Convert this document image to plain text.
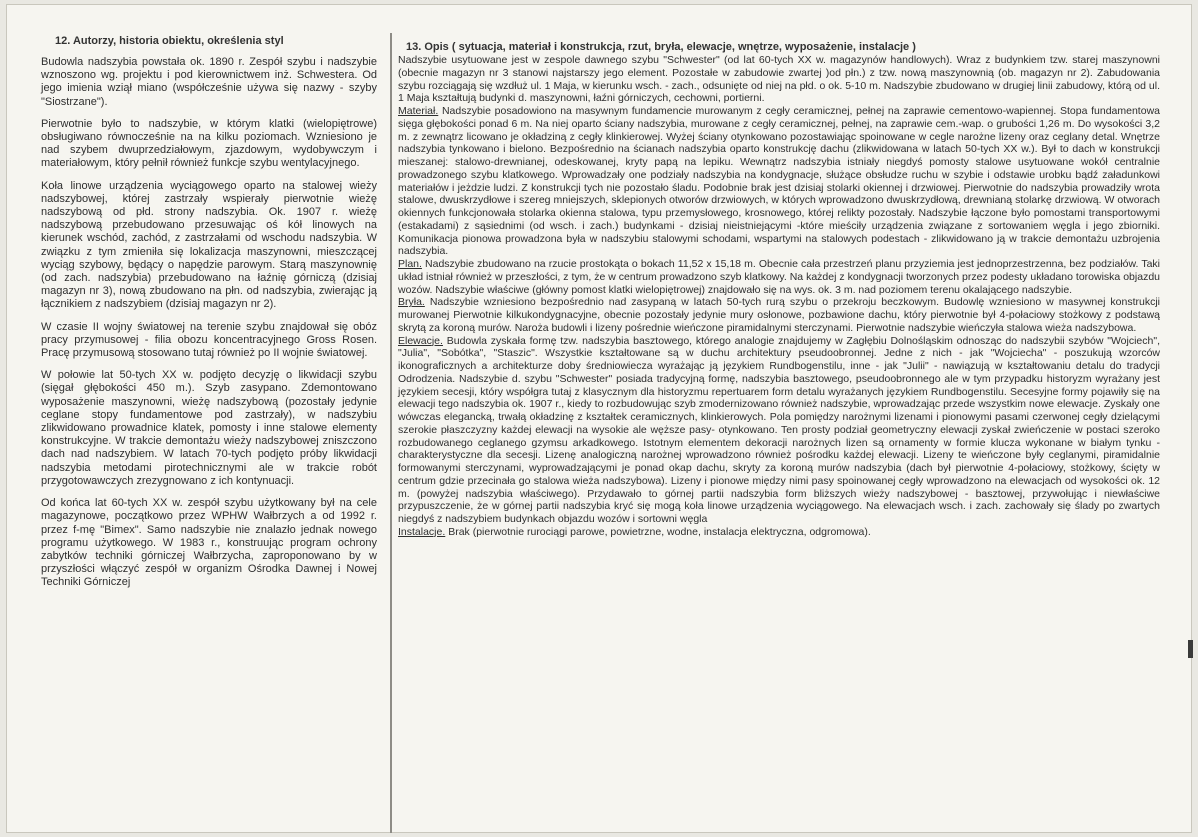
12. Autorzy, historia obiektu, określenia styl

Budowla nadszybia powstała ok. 1890 r. Zespół szybu i nadszybie wznoszono wg. projektu i pod kierownictwem inż. Schwestera. Od jego imienia wziął miano (współcześnie używa się nazwy - szyby "Siostrzane").

Pierwotnie było to nadszybie, w którym klatki (wielopiętrowe) obsługiwano równocześnie na na kilku poziomach. Wzniesiono je nad szybem dwuprzedziałowym, zjazdowym, wydobywczym i materiałowym, który pełnił również funkcje szybu wentylacyjnego.

Koła linowe urządzenia wyciągowego oparto na stalowej wieży nadszybowej, której zastrzały wspierały pierwotnie wieżę nadszybową od płd. strony nadszybia. Ok. 1907 r. wieżę nadszybową przebudowano przesuwając oś kół linowych na kierunek wschód, zachód, z zastrzałami od wschodu nadszybia. W związku z tym zmieniła się lokalizacja maszynowni, mieszczącej wyciąg szybowy, będący o napędzie parowym. Starą maszynownię (od zach. nadszybia) przebudowano na łaźnię górniczą (dzisiaj magazyn nr 3), nową zbudowano na płn. od nadszybia, zwierając ją łącznikiem z nadszybiem (dzisiaj magazyn nr 2).

W czasie II wojny światowej na terenie szybu znajdował się obóz pracy przymusowej - filia obozu koncentracyjnego Gross Rosen. Pracę przymusową stosowano tutaj również po II wojnie światowej.

W połowie lat 50-tych XX w. podjęto decyzję o likwidacji szybu (sięgał głębokości 450 m.). Szyb zasypano. Zdemontowano wyposażenie maszynowni, wieżę nadszybową (pozostały jedynie ceglane stopy fundamentowe pod zastrzały), w nadszybiu zlikwidowano prowadnice klatek, pomosty i inne stalowe elementy konstrukcyjne. W trakcie demontażu wieży nadszybowej zniszczono dach nad nadszybiem. W latach 70-tych podjęto próby likwidacji nadszybia metodami pirotechnicznymi ale w trakcie robót przygotowawczych zrezygnowano z ich kontynuacji.

Od końca lat 60-tych XX w. zespół szybu użytkowany był na cele magazynowe, początkowo przez WPHW Wałbrzych a od 1992 r. przez f-mę "Bimex". Samo nadszybie nie znalazło jednak nowego programu użytkowego. W 1983 r., konstruując program ochrony zabytków techniki górniczej Wałbrzycha, zaproponowano by w przyszłości włączyć zespół w organizm Ośrodka Dawnej i Nowej Techniki Górniczej

13. Opis ( sytuacja, materiał i konstrukcja, rzut, bryła, elewacje, wnętrze, wyposażenie, instalacje )

Nadszybie usytuowane jest w zespole dawnego szybu "Schwester" (od lat 60-tych XX w. magazynów handlowych). Wraz z budynkiem tzw. starej maszynowni (obecnie magazyn nr 3 stanowi najstarszy jego element. Pozostałe w zabudowie zwartej )od płn.) z tzw. nową maszynownią (ob. magazyn nr 2). Zabudowania szybu rozciągają się wzdłuż ul. 1 Maja, w kierunku wsch. - zach., odsunięte od niej na płd. o ok. 5-10 m. Nadszybie zbudowano w drugiej linii zabudowy, którą od ul. 1 Maja kształtują budynki d. maszynowni, łaźni górniczych, cechowni, portierni.

Materiał. Nadszybie posadowiono na masywnym fundamencie murowanym z cegły ceramicznej, pełnej na zaprawie cementowo-wapiennej. Stopa fundamentowa sięga głębokości ponad 6 m. Na niej oparto ściany nadszybia, murowane z cegły ceramicznej, pełnej, na zaprawie cem.-wap. o grubości 1,26 m. Do wysokości 3,2 m. z zewnątrz licowano je okładziną z cegły klinkierowej. Wyżej ściany otynkowano pozostawiając spoinowane w cegle narożne lizeny oraz ceglany detal. Wnętrze nadszybia tynkowano i bielono. Bezpośrednio na ścianach nadszybia oparto konstrukcję dachu (zlikwidowana w latach 50-tych XX w.). Był to dach w konstrukcji mieszanej: stalowo-drewnianej, odeskowanej, kryty papą na lepiku. Wewnątrz nadszybia istniały niegdyś pomosty stalowe usytuowane wokół centralnie prowadzonego szybu klatkowego. Wprowadzały one podziały nadszybia na kondygnacje, służące obsłudze ruchu w szybie i odstawie urobku bądź załadunkowi materiałów i jeżdzie ludzi. Z konstrukcji tych nie pozostało śladu. Podobnie brak jest dzisiaj stolarki okiennej i drzwiowej. Pierwotnie do nadszybia prowadziły wrota stalowe, dwuskrzydłowe i szereg mniejszych, sklepionych otworów drzwiowych, w których wprowadzono dwuskrzydłową, drewnianą stolarkę drzwiową. W otworach okiennych funkcjonowała stolarka okienna stalowa, typu przemysłowego, krosnowego, której relikty pozostały. Nadszybie łączone było pomostami transportowymi (estakadami) z sąsiednimi (od wsch. i zach.) budynkami - dzisiaj nieistniejącymi -które mieściły urządzenia związane z sortowaniem węgla i jego zbiorniki. Komunikacja pionowa prowadzona była w nadszybiu stalowymi schodami, wspartymi na stalowych podestach - zlikwidowano ją w trakcie demontażu uzbrojenia nadszybia.

Plan. Nadszybie zbudowano na rzucie prostokąta o bokach 11,52 x 15,18 m. Obecnie cała przestrzeń planu przyziemia jest jednoprzestrzenna, bez podziałów. Taki układ istniał również w przeszłości, z tym, że w centrum prowadzono szyb klatkowy. Na każdej z kondygnacji tworzonych przez podesty układano torowiska objazdu wozów. Nadszybie właściwe (główny pomost klatki wielopiętrowej) znajdowało się na wys. ok. 3 m. nad poziomem terenu okalającego nadszybie.

Bryła. Nadszybie wzniesiono bezpośrednio nad zasypaną w latach 50-tych rurą szybu o przekroju beczkowym. Budowlę wzniesiono w masywnej konstrukcji murowanej Pierwotnie kilkukondygnacyjne, obecnie pozostały jedynie mury osłonowe, pozbawione dachu, który pierwotnie był 4-połaciowy stożkowy z podstawą skrytą za koroną murów. Naroża budowli i lizeny pośrednie wieńczone piramidalnymi sterczynami. Pierwotnie nadszybie wieńczyła stalowa wieża nadszybowa.

Elewacje. Budowla zyskała formę tzw. nadszybia basztowego, którego analogie znajdujemy w Zagłębiu Dolnośląskim odnosząc do nadszybii szybów "Wojciech", "Julia", "Sobótka", "Staszic". Wszystkie kształtowane są w duchu architektury pseudoobronnej. Jedne z nich - jak "Wojciecha" - poszukują wzorców ikonograficznych a architekturze doby średniowiecza wyrażając ją językiem Rundbogenstilu, inne - jak "Julii" - nawiązują w kształtowaniu detalu do tradycji Odrodzenia. Nadszybie d. szybu "Schwester" posiada tradycyjną formę, nadszybia basztowego, pseudoobronnego ale w tym przypadku historyzm wyrażany jest językiem secesji, który współgra tutaj z klasycznym dla historyzmu repertuarem form detalu wyrażanych językiem Rundbogenstilu. Secesyjne formy pojawiły się na elewacji tego nadszybia ok. 1907 r., kiedy to rozbudowując szyb zmodernizowano również nadszybie, wprowadzając przede wszystkim nowe elewacje. Zyskały one wówczas elegancką, trwałą okładzinę z kształtek ceramicznych, klinkierowych. Pola pomiędzy narożnymi lizenami i pionowymi pasami czerwonej cegły dzielącymi szerokie płaszczyzny każdej elewacji na wysokie ale węższe pasy- otynkowano. Ten prosty podział geometryczny elewacji zyskał zwieńczenie w postaci szeroko rozbudowanego ceglanego gzymsu arkadkowego. Istotnym elementem dekoracji narożnych lizen są ornamenty w formie klucza wykonane w białym tynku - charakterystyczne dla secesji. Lizenę analogiczną narożnej wprowadzono również pośrodku każdej elewacji. Lizeny te wieńczone były ceglanymi, piramidalnie formowanymi sterczynami, wyprowadzającymi je ponad okap dachu, skryty za koroną murów nadszybia (dach był pierwotnie 4-połaciowy, stożkowy, ścięty w centrum gdzie przecinała go stalowa wieża nadszybowa). Lizeny i pionowe między nimi pasy spoinowanej cegły wprowadzono na elewacjach od wysokości ok. 12 m. (powyżej nadszybia właściwego). Przydawało to górnej partii nadszybia form bliższych wieży nadszybowej - basztowej, przywołując i niewłaściwe przypuszczenie, że w górnej partii nadszybia kryć się mogą koła linowe urządzenia wyciągowego. Na elewacjach wsch. i zach. zachowały się ślady po zwartych niegdyś z nadszybiem budynkach objazdu wozów i sortowni węgla

Instalacje. Brak (pierwotnie rurociągi parowe, powietrzne, wodne, instalacja elektryczna, odgromowa).
